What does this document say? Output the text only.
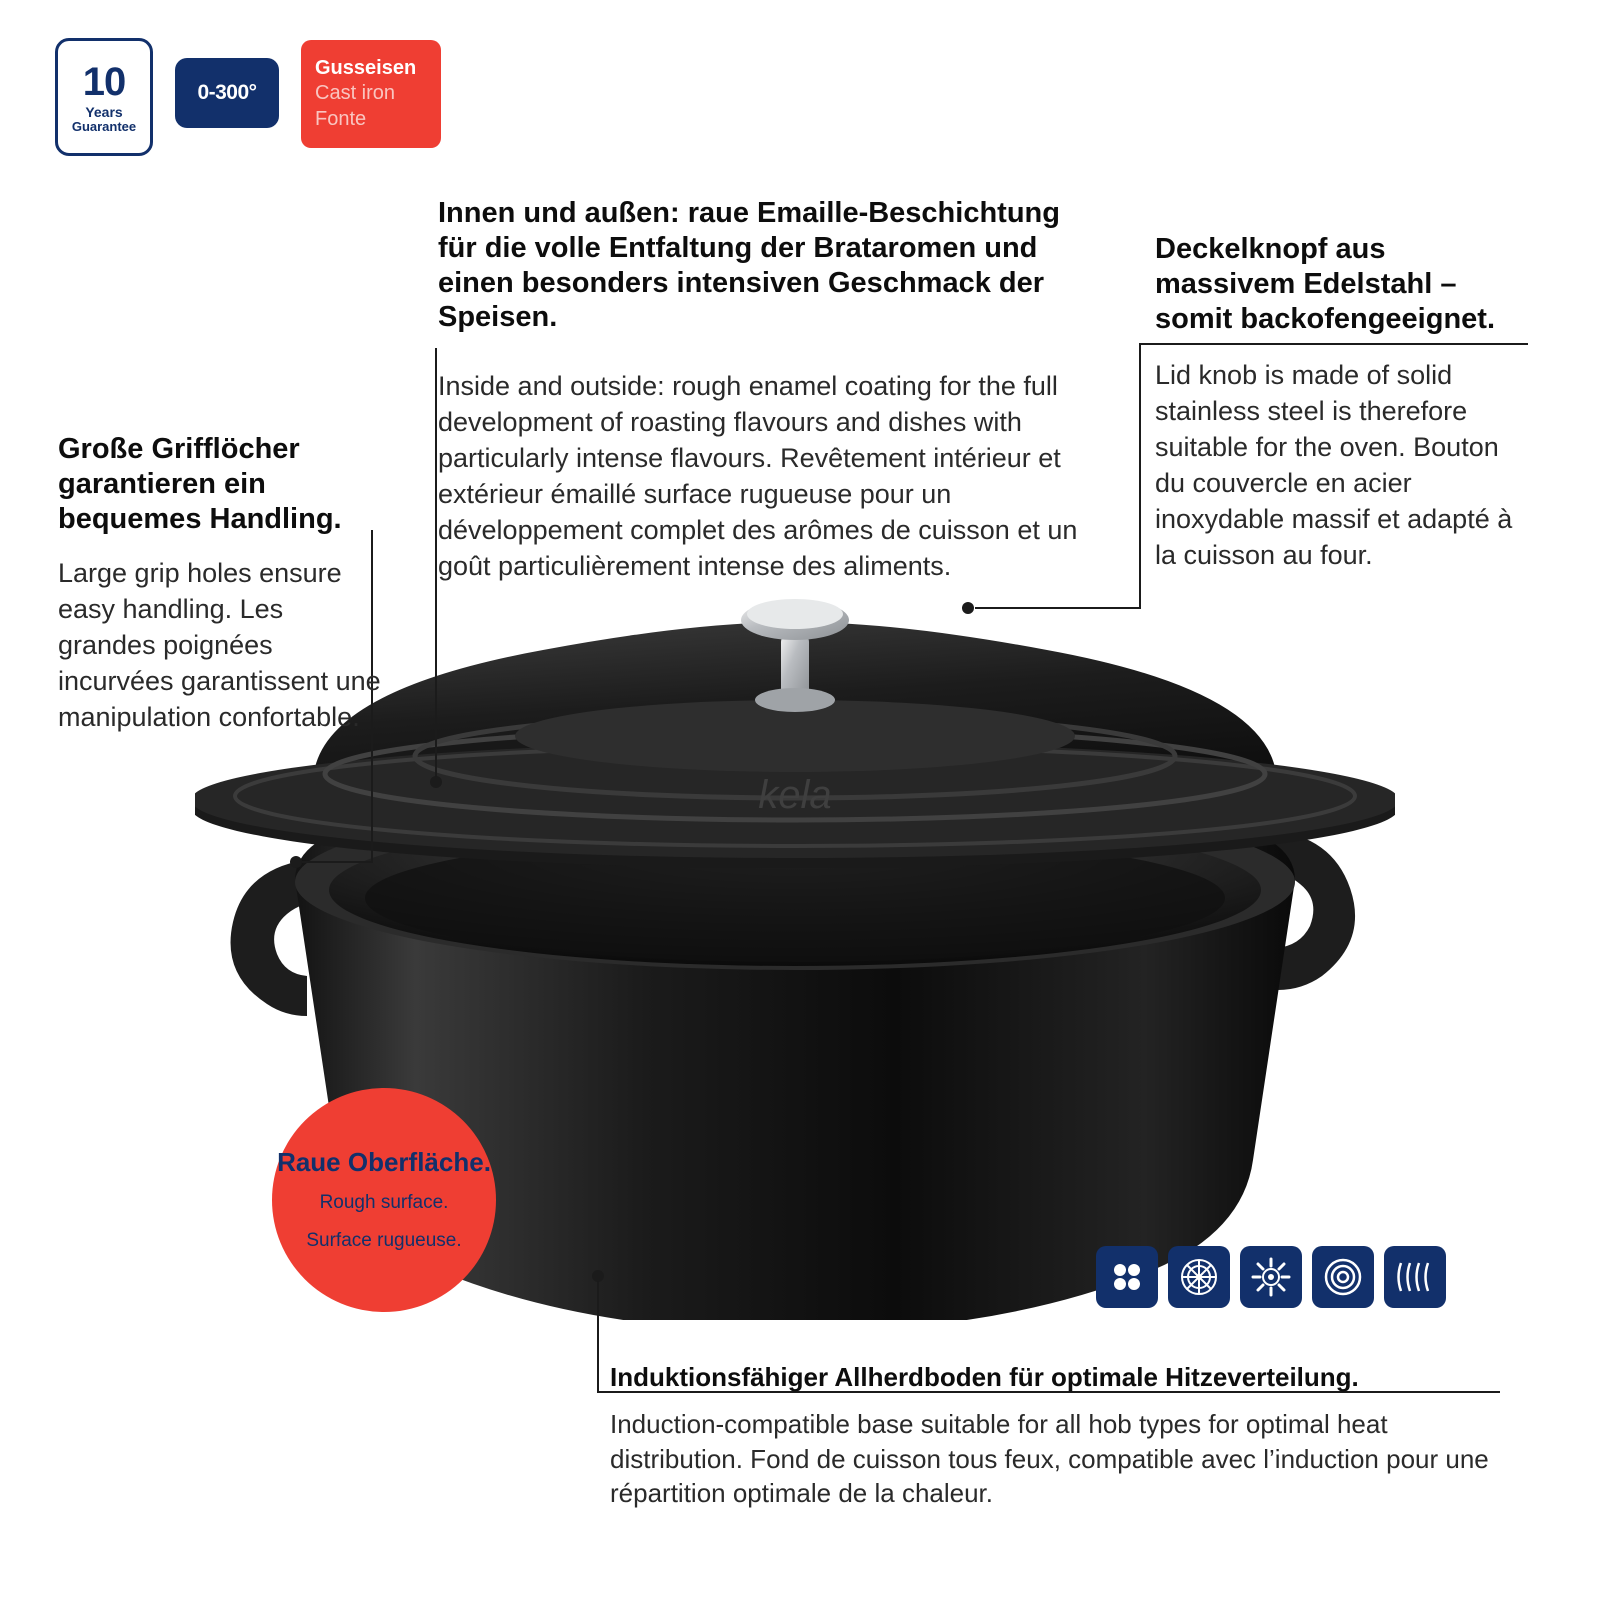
10
Years
Guarantee
0-300°
Gusseisen
Cast iron
Fonte
kela
Innen und außen: raue Emaille-Beschichtung für die volle Entfaltung der Brataromen und einen besonders intensiven Geschmack der Speisen.
Inside and outside: rough enamel coating for the full development of roasting flavours and dishes with particularly intense flavours. Revêtement intérieur et extérieur émaillé surface rugueuse pour un développement complet des arômes de cuisson et un goût particulièrement intense des aliments.
Deckelknopf aus massivem Edelstahl – somit backofengeeignet.
Lid knob is made of solid stainless steel is therefore suitable for the oven. Bouton du couvercle en acier inoxydable massif et adapté à la cuisson au four.
Große Grifflöcher garantieren ein bequemes Handling.
Large grip holes ensure easy handling. Les grandes poignées incurvées garantissent une manipulation confortable.
Induktionsfähiger Allherdboden für optimale Hitzeverteilung.
Induction-compatible base suitable for all hob types for optimal heat distribution. Fond de cuisson tous feux, compatible avec l’induction pour une répartition optimale de la chaleur.
Raue Oberfläche.
Rough surface.
Surface rugueuse.
